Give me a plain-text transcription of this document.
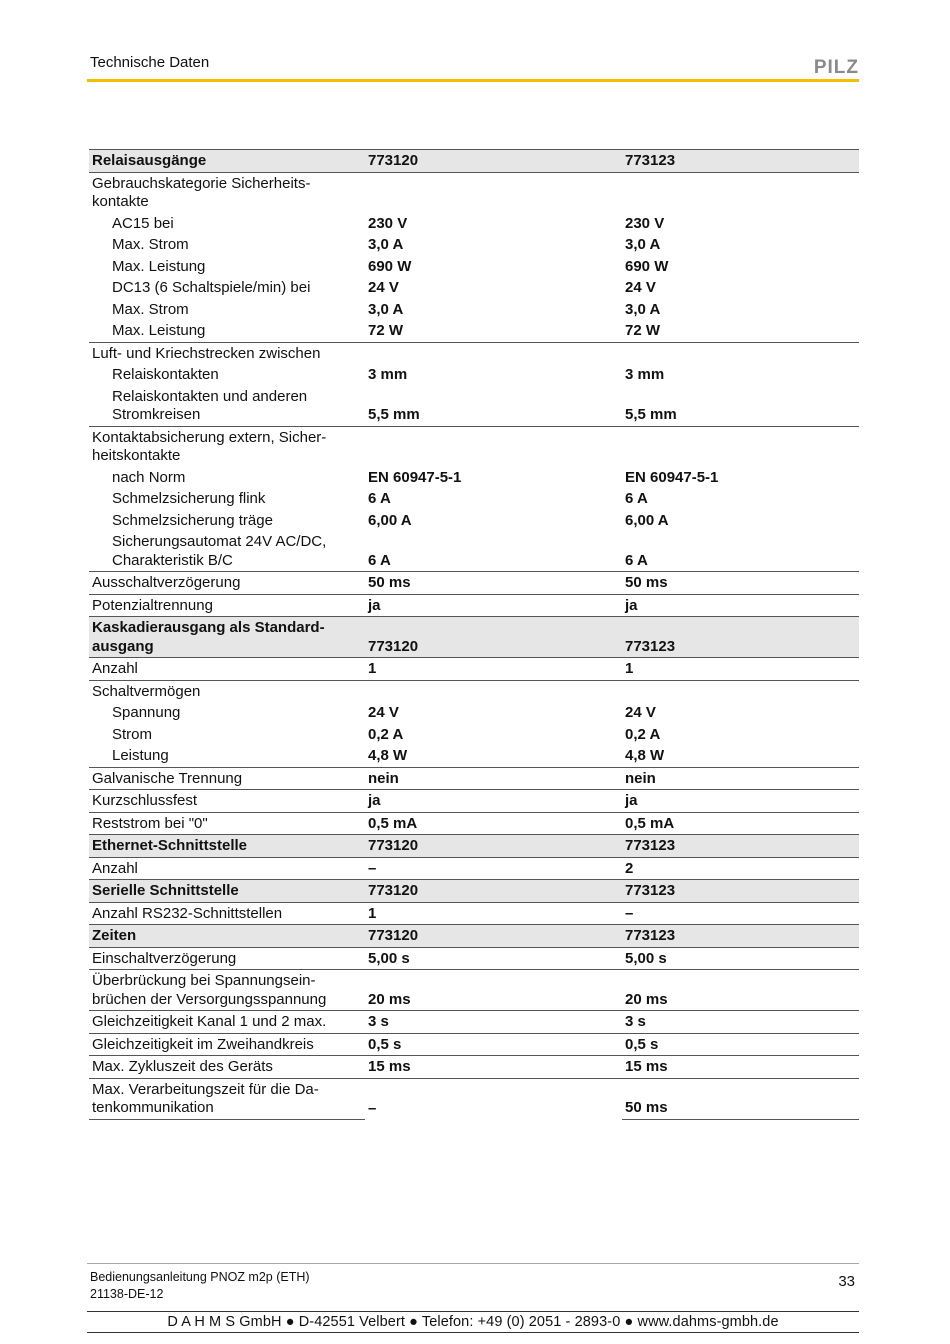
Technische Daten	PILZ
Relaisausgänge	773120	773123
Gebrauchskategorie Sicherheits-
kontakte		
AC15 bei	230 V	230 V
Max. Strom	3,0 A	3,0 A
Max. Leistung	690 W	690 W
DC13 (6 Schaltspiele/min) bei	24 V	24 V
Max. Strom	3,0 A	3,0 A
Max. Leistung	72 W	72 W
Luft- und Kriechstrecken zwischen		
Relaiskontakten	3 mm	3 mm
Relaiskontakten und anderen
Stromkreisen	5,5 mm	5,5 mm
Kontaktabsicherung extern, Sicher-
heitskontakte		
nach Norm	EN 60947-5-1	EN 60947-5-1
Schmelzsicherung flink	6 A	6 A
Schmelzsicherung träge	6,00 A	6,00 A
Sicherungsautomat 24V AC/DC,
Charakteristik B/C	6 A	6 A
Ausschaltverzögerung	50 ms	50 ms
Potenzialtrennung	ja	ja
Kaskadierausgang als Standard-
ausgang	773120	773123
Anzahl	1	1
Schaltvermögen		
Spannung	24 V	24 V
Strom	0,2 A	0,2 A
Leistung	4,8 W	4,8 W
Galvanische Trennung	nein	nein
Kurzschlussfest	ja	ja
Reststrom bei "0"	0,5 mA	0,5 mA
Ethernet-Schnittstelle	773120	773123
Anzahl	–	2
Serielle Schnittstelle	773120	773123
Anzahl RS232-Schnittstellen	1	–
Zeiten	773120	773123
Einschaltverzögerung	5,00 s	5,00 s
Überbrückung bei Spannungsein-
brüchen der Versorgungsspannung	20 ms	20 ms
Gleichzeitigkeit Kanal 1 und 2 max.	3 s	3 s
Gleichzeitigkeit im Zweihandkreis	0,5 s	0,5 s
Max. Zykluszeit des Geräts	15 ms	15 ms
Max. Verarbeitungszeit für die Da-
tenkommunikation	–	50 ms
Bedienungsanleitung PNOZ m2p (ETH)
21138-DE-12
33
D A H M S GmbH ● D-42551 Velbert ● Telefon: +49 (0) 2051 - 2893-0 ● www.dahms-gmbh.de
